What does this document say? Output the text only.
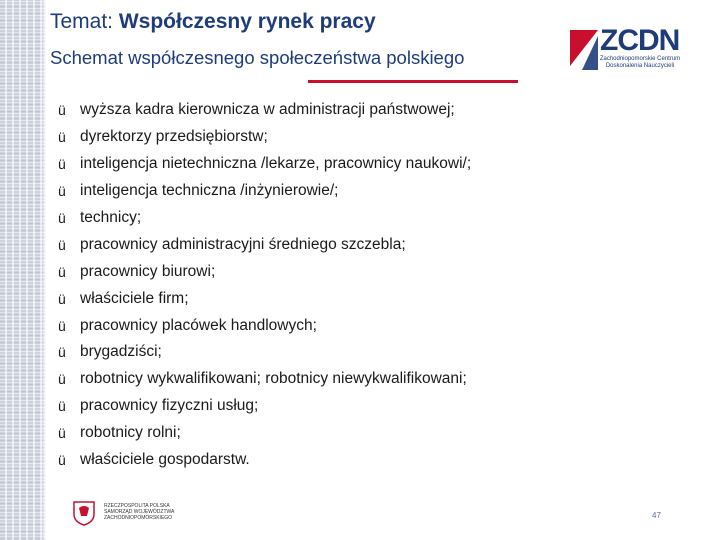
Temat: Współczesny rynek pracy
Schemat współczesnego społeczeństwa polskiego
ZCDN
Zachodniopomorskie Centrum Doskonalenia Nauczycieli
ü wyższa kadra kierownicza w administracji państwowej;
ü dyrektorzy przedsiębiorstw;
ü inteligencja nietechniczna /lekarze, pracownicy naukowi/;
ü inteligencja techniczna /inżynierowie/;
ü technicy;
ü pracownicy administracyjni średniego szczebla;
ü pracownicy biurowi;
ü właściciele firm;
ü pracownicy placówek handlowych;
ü brygadziści;
ü robotnicy wykwalifikowani; robotnicy niewykwalifikowani;
ü pracownicy fizyczni usług;
ü robotnicy rolni;
ü właściciele gospodarstw.
RZECZPOSPOLITA POLSKA SAMORZĄD WOJEWÓDZTWA ZACHODNIOPOMORSKIEGO	47
